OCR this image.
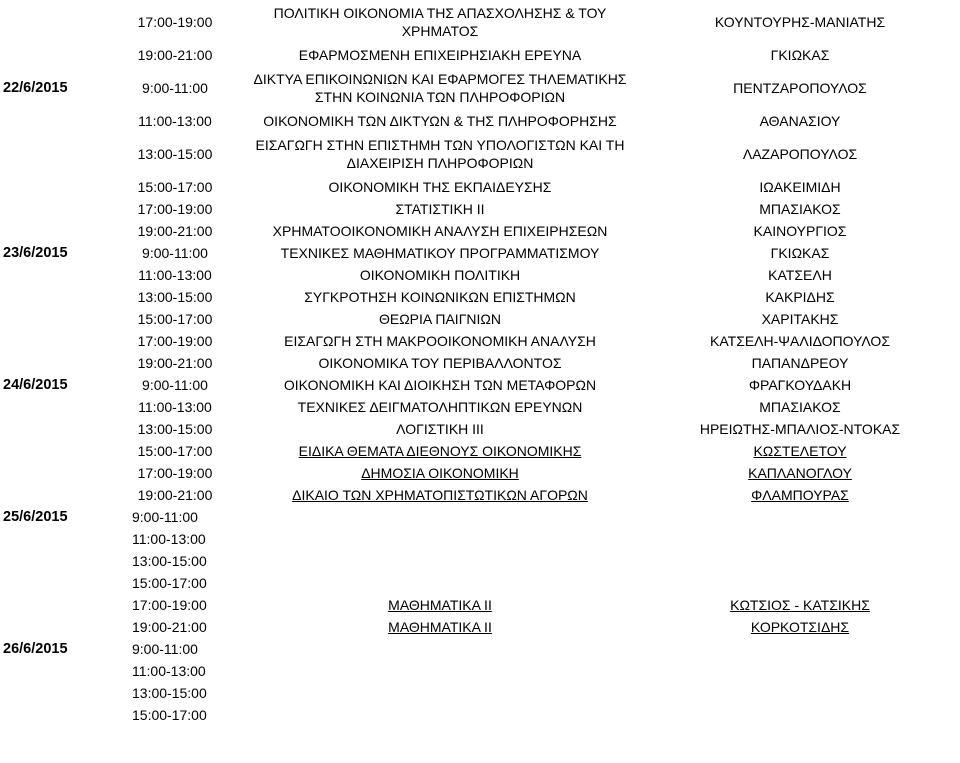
	17:00-19:00	ΠΟΛΙΤΙΚΗ ΟΙΚΟΝΟΜΙΑ ΤΗΣ ΑΠΑΣΧΟΛΗΣΗΣ & ΤΟΥ
ΧΡΗΜΑΤΟΣ	ΚΟΥΝΤΟΥΡΗΣ-ΜΑΝΙΑΤΗΣ
	19:00-21:00	ΕΦΑΡΜΟΣΜΕΝΗ ΕΠΙΧΕΙΡΗΣΙΑΚΗ ΕΡΕΥΝΑ	ΓΚΙΩΚΑΣ
22/6/2015	9:00-11:00	ΔΙΚΤΥΑ ΕΠΙΚΟΙΝΩΝΙΩΝ ΚΑΙ ΕΦΑΡΜΟΓΕΣ ΤΗΛΕΜΑΤΙΚΗΣ
ΣΤΗΝ ΚΟΙΝΩΝΙΑ ΤΩΝ ΠΛΗΡΟΦΟΡΙΩΝ	ΠΕΝΤΖΑΡΟΠΟΥΛΟΣ
	11:00-13:00	ΟΙΚΟΝΟΜΙΚΗ ΤΩΝ ΔΙΚΤΥΩΝ & ΤΗΣ ΠΛΗΡΟΦΟΡΗΣΗΣ	ΑΘΑΝΑΣΙΟΥ
	13:00-15:00	ΕΙΣΑΓΩΓΗ ΣΤΗΝ ΕΠΙΣΤΗΜΗ ΤΩΝ ΥΠΟΛΟΓΙΣΤΩΝ ΚΑΙ ΤΗ
ΔΙΑΧΕΙΡΙΣΗ ΠΛΗΡΟΦΟΡΙΩΝ	ΛΑΖΑΡΟΠΟΥΛΟΣ
	15:00-17:00	ΟΙΚΟΝΟΜΙΚΗ ΤΗΣ ΕΚΠΑΙΔΕΥΣΗΣ	ΙΩΑΚΕΙΜΙΔΗ
	17:00-19:00	ΣΤΑΤΙΣΤΙΚΗ ΙΙ	ΜΠΑΣΙΑΚΟΣ
	19:00-21:00	ΧΡΗΜΑΤΟΟΙΚΟΝΟΜΙΚΗ ΑΝΑΛΥΣΗ ΕΠΙΧΕΙΡΗΣΕΩΝ	ΚΑΙΝΟΥΡΓΙΟΣ
23/6/2015	9:00-11:00	ΤΕΧΝΙΚΕΣ ΜΑΘΗΜΑΤΙΚΟΥ ΠΡΟΓΡΑΜΜΑΤΙΣΜΟΥ	ΓΚΙΩΚΑΣ
	11:00-13:00	ΟΙΚΟΝΟΜΙΚΗ ΠΟΛΙΤΙΚΗ	ΚΑΤΣΕΛΗ
	13:00-15:00	ΣΥΓΚΡΟΤΗΣΗ ΚΟΙΝΩΝΙΚΩΝ ΕΠΙΣΤΗΜΩΝ	ΚΑΚΡΙΔΗΣ
	15:00-17:00	ΘΕΩΡΙΑ ΠΑΙΓΝΙΩΝ	ΧΑΡΙΤΑΚΗΣ
	17:00-19:00	ΕΙΣΑΓΩΓΗ ΣΤΗ ΜΑΚΡΟΟΙΚΟΝΟΜΙΚΗ ΑΝΑΛΥΣΗ	ΚΑΤΣΕΛΗ-ΨΑΛΙΔΟΠΟΥΛΟΣ
	19:00-21:00	ΟΙΚΟΝΟΜΙΚΑ ΤΟΥ ΠΕΡΙΒΑΛΛΟΝΤΟΣ	ΠΑΠΑΝΔΡΕΟΥ
24/6/2015	9:00-11:00	ΟΙΚΟΝΟΜΙΚΗ ΚΑΙ ΔΙΟΙΚΗΣΗ ΤΩΝ ΜΕΤΑΦΟΡΩΝ	ΦΡΑΓΚΟΥΔΑΚΗ
	11:00-13:00	ΤΕΧΝΙΚΕΣ ΔΕΙΓΜΑΤΟΛΗΠΤΙΚΩΝ ΕΡΕΥΝΩΝ	ΜΠΑΣΙΑΚΟΣ
	13:00-15:00	ΛΟΓΙΣΤΙΚΗ ΙΙΙ	ΗΡΕΙΩΤΗΣ-ΜΠΑΛΙΟΣ-ΝΤΟΚΑΣ
	15:00-17:00	ΕΙΔΙΚΑ ΘΕΜΑΤΑ ΔΙΕΘΝΟΥΣ ΟΙΚΟΝΟΜΙΚΗΣ	ΚΩΣΤΕΛΕΤΟΥ
	17:00-19:00	ΔΗΜΟΣΙΑ ΟΙΚΟΝΟΜΙΚΗ	ΚΑΠΛΑΝΟΓΛΟΥ
	19:00-21:00	ΔΙΚΑΙΟ ΤΩΝ ΧΡΗΜΑΤΟΠΙΣΤΩΤΙΚΩΝ ΑΓΟΡΩΝ	ΦΛΑΜΠΟΥΡΑΣ
25/6/2015	9:00-11:00		
	11:00-13:00		
	13:00-15:00		
	15:00-17:00		
	17:00-19:00	ΜΑΘΗΜΑΤΙΚΑ ΙΙ	ΚΩΤΣΙΟΣ - ΚΑΤΣΙΚΗΣ
	19:00-21:00	ΜΑΘΗΜΑΤΙΚΑ ΙΙ	ΚΟΡΚΟΤΣΙΔΗΣ
26/6/2015	9:00-11:00		
	11:00-13:00		
	13:00-15:00		
	15:00-17:00		
